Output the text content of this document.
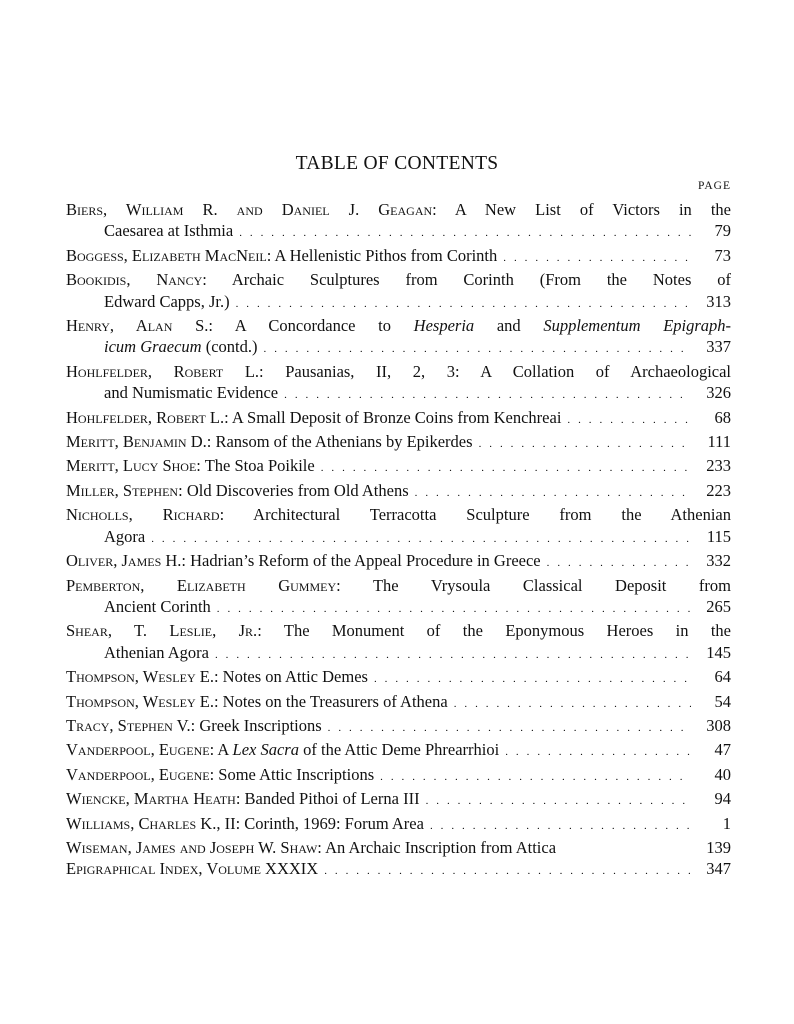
TABLE OF CONTENTS
PAGE
Biers, William R. and Daniel J. Geagan: A New List of Victors in the
Caesarea at Isthmia . . .	79
Boggess, Elizabeth MacNeil: A Hellenistic Pithos from Corinth . . .	73
Bookidis, Nancy: Archaic Sculptures from Corinth (From the Notes of
Edward Capps, Jr.) . . .	313
Henry, Alan S.: A Concordance to Hesperia and Supplementum Epigraph-
icum Graecum (contd.) . . .	337
Hohlfelder, Robert L.: Pausanias, II, 2, 3: A Collation of Archaeological
and Numismatic Evidence . . .	326
Hohlfelder, Robert L.: A Small Deposit of Bronze Coins from Kenchreai . . .	68
Meritt, Benjamin D.: Ransom of the Athenians by Epikerdes . . .	111
Meritt, Lucy Shoe: The Stoa Poikile . . .	233
Miller, Stephen: Old Discoveries from Old Athens . . .	223
Nicholls, Richard: Architectural Terracotta Sculpture from the Athenian
Agora . . .	115
Oliver, James H.: Hadrian’s Reform of the Appeal Procedure in Greece . . .	332
Pemberton, Elizabeth Gummey: The Vrysoula Classical Deposit from
Ancient Corinth . . .	265
Shear, T. Leslie, Jr.: The Monument of the Eponymous Heroes in the
Athenian Agora . . .	145
Thompson, Wesley E.: Notes on Attic Demes . . .	64
Thompson, Wesley E.: Notes on the Treasurers of Athena . . .	54
Tracy, Stephen V.: Greek Inscriptions . . .	308
Vanderpool, Eugene: A Lex Sacra of the Attic Deme Phrearrhioi . . .	47
Vanderpool, Eugene: Some Attic Inscriptions . . .	40
Wiencke, Martha Heath: Banded Pithoi of Lerna III . . .	94
Williams, Charles K., II: Corinth, 1969: Forum Area . . .	1
Wiseman, James and Joseph W. Shaw: An Archaic Inscription from Attica	139
Epigraphical Index, Volume XXXIX . . .	347
